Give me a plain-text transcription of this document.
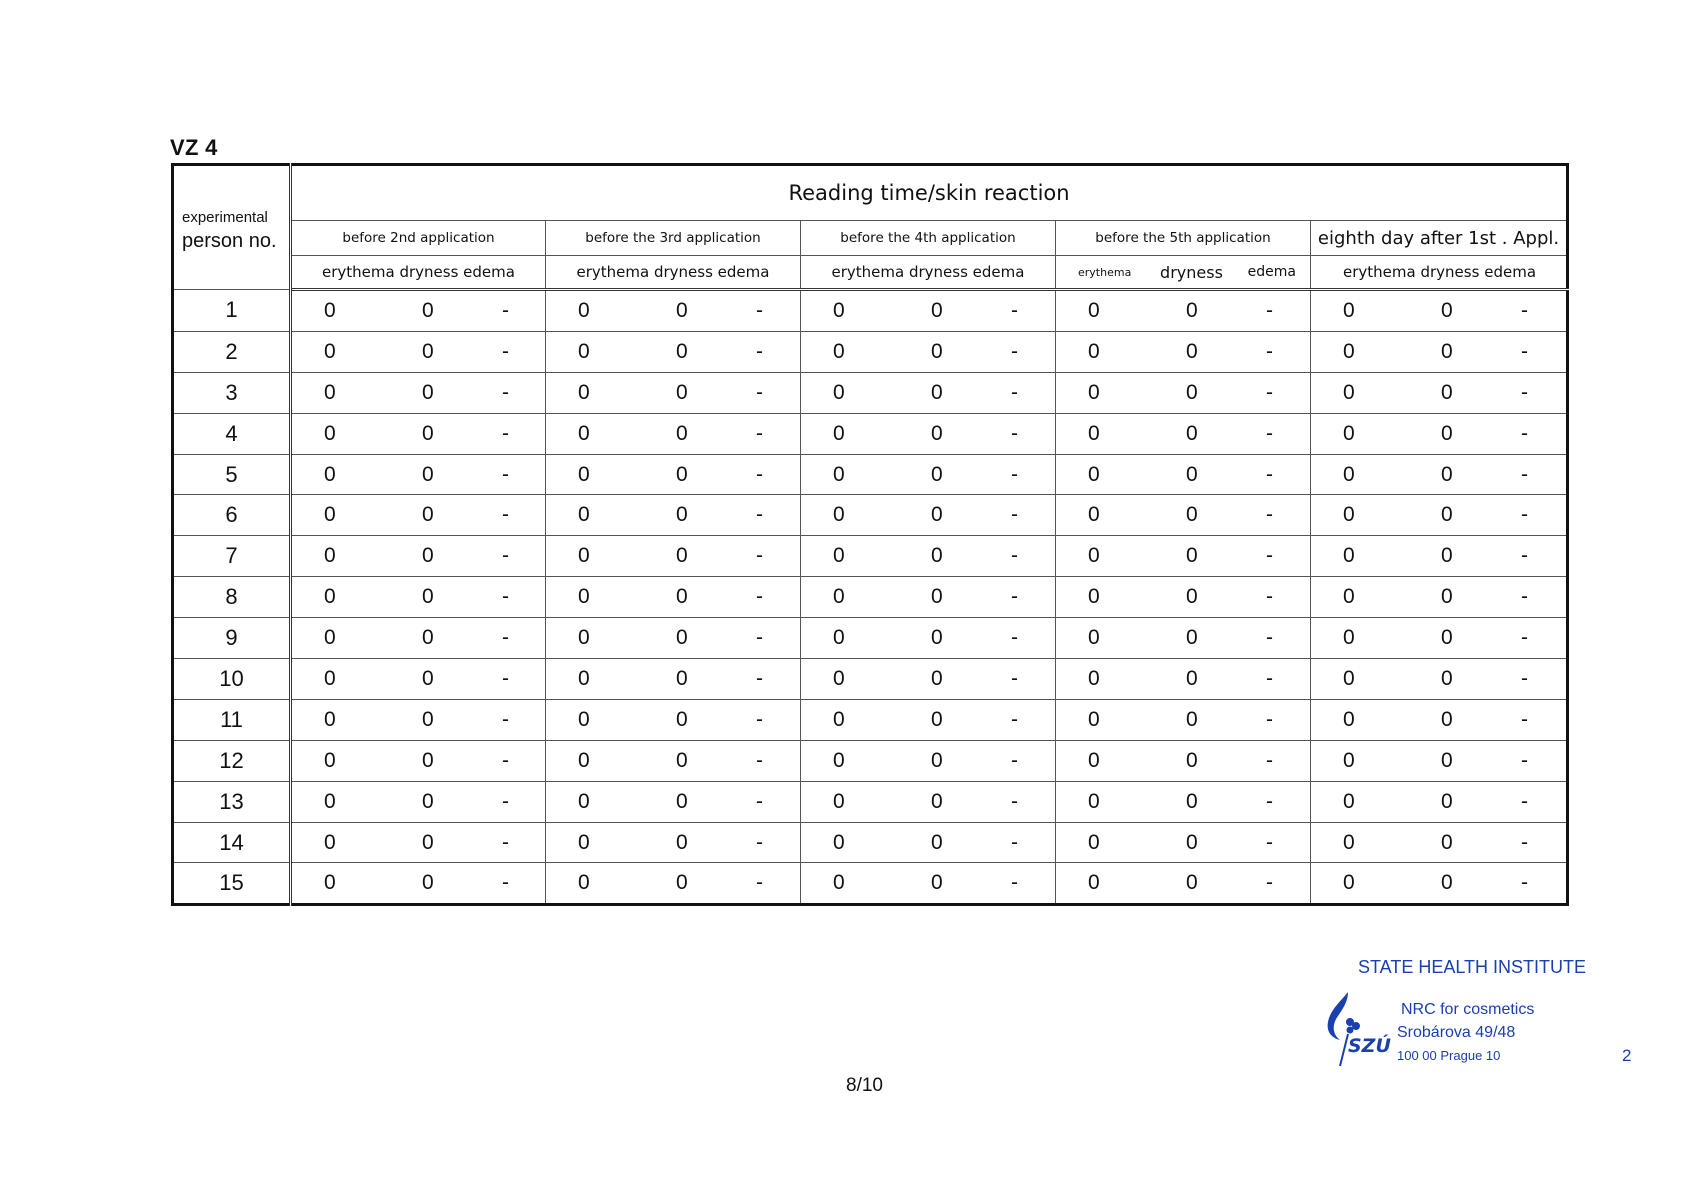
VZ 4
experimental
person no.	Reading time/skin reaction				
	before 2nd application	before the 3rd application	before the 4th application	before the 5th application	eighth day after 1st . Appl.
	erythema dryness edema	erythema dryness edema	erythema dryness edema	erythema dryness edema	erythema dryness edema

1	0 0 -	0 0 -	0 0 -	0 0 -	0 0 -

2	0 0 -	0 0 -	0 0 -	0 0 -	0 0 -

3	0 0 -	0 0 -	0 0 -	0 0 -	0 0 -

4	0 0 -	0 0 -	0 0 -	0 0 -	0 0 -

5	0 0 -	0 0 -	0 0 -	0 0 -	0 0 -

6	0 0 -	0 0 -	0 0 -	0 0 -	0 0 -

7	0 0 -	0 0 -	0 0 -	0 0 -	0 0 -

8	0 0 -	0 0 -	0 0 -	0 0 -	0 0 -

9	0 0 -	0 0 -	0 0 -	0 0 -	0 0 -

10	0 0 -	0 0 -	0 0 -	0 0 -	0 0 -

11	0 0 -	0 0 -	0 0 -	0 0 -	0 0 -

12	0 0 -	0 0 -	0 0 -	0 0 -	0 0 -

13	0 0 -	0 0 -	0 0 -	0 0 -	0 0 -

14	0 0 -	0 0 -	0 0 -	0 0 -	0 0 -

15	0 0 -	0 0 -	0 0 -	0 0 -	0 0 -
STATE HEALTH INSTITUTE
SZÚ
NRC for cosmetics
Srobárova 49/48
100 00 Prague 10
8/10
2
